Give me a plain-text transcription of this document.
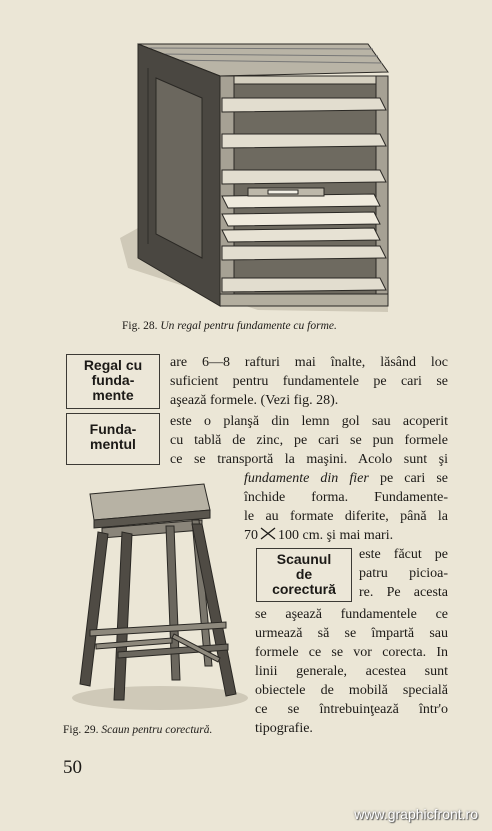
Fig. 28. Un regal pentru fundamente cu forme.
Regal cu
funda-
mente
Funda-
mentul
Scaunul
de
corectură
are 6—8 rafturi mai înalte, lăsând loc
suficient pentru fundamentele pe cari se
aşează formele. (Vezi fig. 28).
este o planşă din lemn gol sau acoperit
cu tablă de zinc, pe cari se pun formele
ce se transportă la maşini. Acolo sunt şi
fundamente din fier pe cari se
închide forma. Fundamente-
le au formate diferite, până la
70 100 cm. şi mai mari.
este făcut pe
patru picioa-
re. Pe acesta
se aşează fundamentele ce
urmează să se împartă sau
formele ce se vor corecta. In
linii generale, acestea sunt
obiectele de mobilă specială
ce se întrebuinţează într'o
tipografie.
Fig. 29. Scaun pentru corectură.
50
www.graphicfront.ro
